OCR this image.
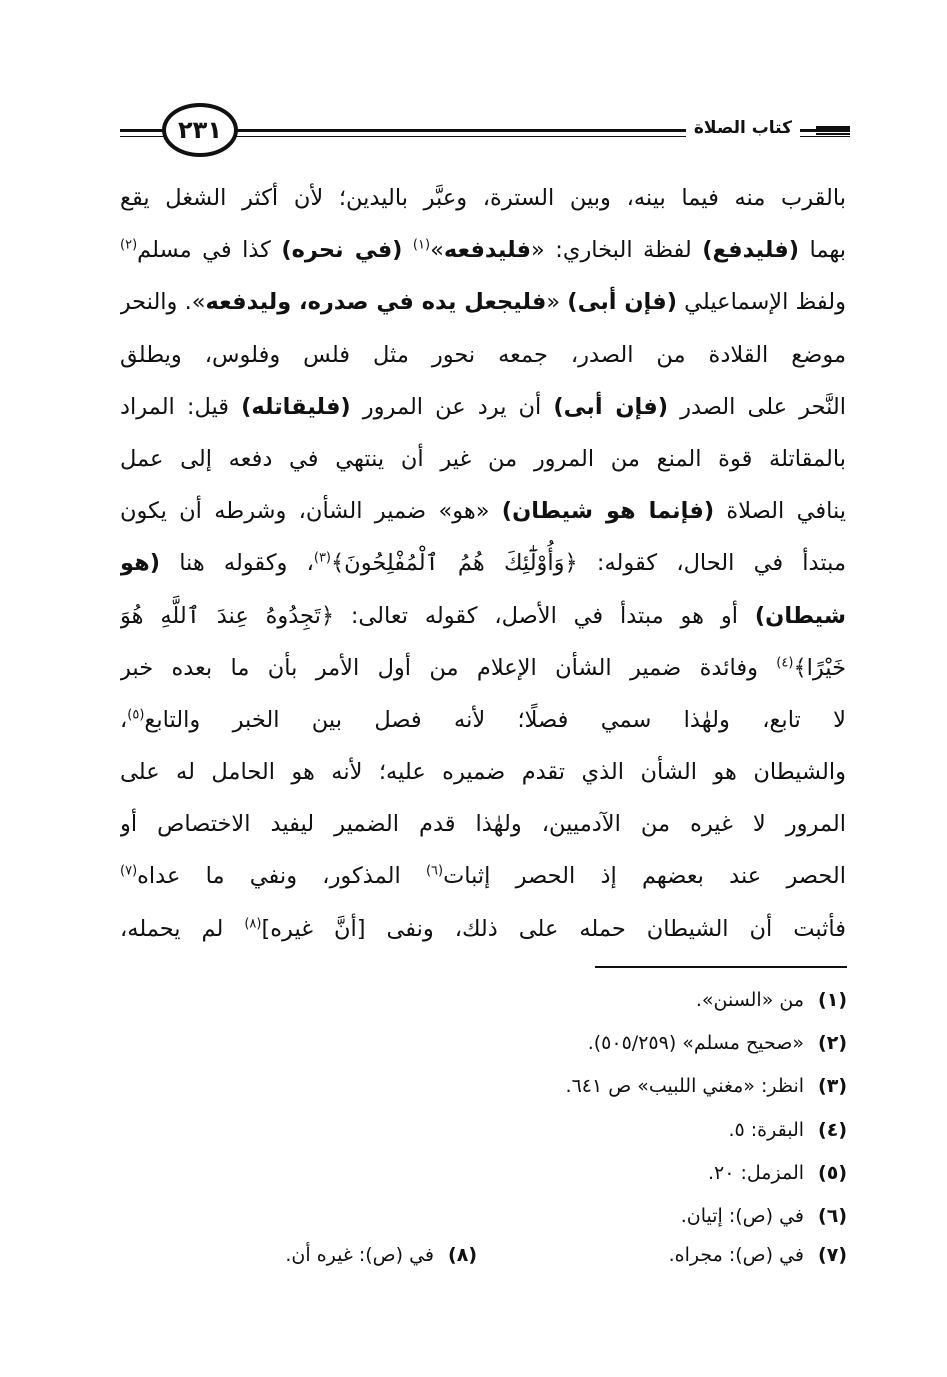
٢٣١	كتاب الصلاة
بالقرب منه فيما بينه، وبين السترة، وعبَّر باليدين؛ لأن أكثر الشغل يقع
بهما (فليدفع) لفظة البخاري: «فليدفعه»$^{(١)}$ (في نحره) كذا في مسلم$^{(٢)}$
ولفظ الإسماعيلي (فإن أبى) «فليجعل يده في صدره، وليدفعه». والنحر
موضع القلادة من الصدر، جمعه نحور مثل فلس وفلوس، ويطلق
النَّحر على الصدر (فإن أبى) أن يرد عن المرور (فليقاتله) قيل: المراد
بالمقاتلة قوة المنع من المرور من غير أن ينتهي في دفعه إلى عمل
ينافي الصلاة (فإنما هو شيطان) «هو» ضمير الشأن، وشرطه أن يكون
مبتدأ في الحال، كقوله: ﴿وَأُوْلَٰٓئِكَ هُمُ ٱلْمُفْلِحُونَ﴾$^{(٣)}$، وكقوله هنا (هو
شيطان) أو هو مبتدأ في الأصل، كقوله تعالى: ﴿تَجِدُوهُ عِندَ ٱللَّهِ هُوَ
خَيْرًا﴾$^{(٤)}$ وفائدة ضمير الشأن الإعلام من أول الأمر بأن ما بعده خبر
لا تابع، ولهٰذا سمي فصلًا؛ لأنه فصل بين الخبر والتابع$^{(٥)}$،
والشيطان هو الشأن الذي تقدم ضميره عليه؛ لأنه هو الحامل له على
المرور لا غيره من الآدميين، ولهٰذا قدم الضمير ليفيد الاختصاص أو
الحصر عند بعضهم إذ الحصر إثبات$^{(٦)}$ المذكور، ونفي ما عداه$^{(٧)}$
فأثبت أن الشيطان حمله على ذلك، ونفى [أنَّ غيره]$^{(٨)}$ لم يحمله،
(١)من «السنن».
(٢)«صحيح مسلم» (٥٠٥/٢٥٩).
(٣)انظر: «مغني اللبيب» ص ٦٤١.
(٤)البقرة: ٥.
(٥)المزمل: ٢٠.
(٦)في (ص): إتيان.
(٧)في (ص): مجراه.
(٨)في (ص): غيره أن.
